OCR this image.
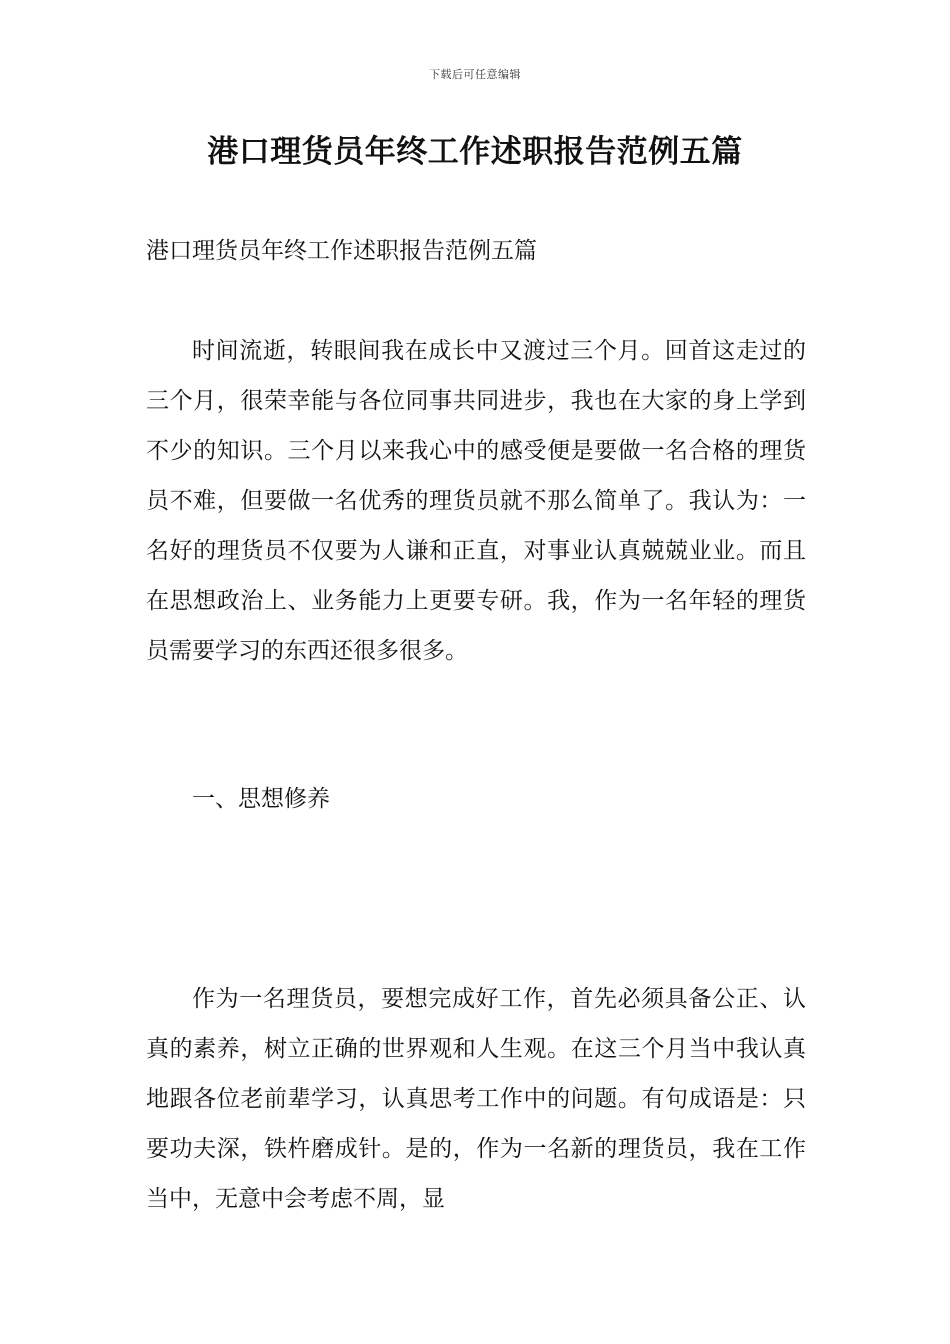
下载后可任意编辑
港口理货员年终工作述职报告范例五篇

港口理货员年终工作述职报告范例五篇

时间流逝，转眼间我在成长中又渡过三个月。回首这走过的三个月，很荣幸能与各位同事共同进步，我也在大家的身上学到不少的知识。三个月以来我心中的感受便是要做一名合格的理货员不难，但要做一名优秀的理货员就不那么简单了。我认为：一名好的理货员不仅要为人谦和正直，对事业认真兢兢业业。而且在思想政治上、业务能力上更要专研。我，作为一名年轻的理货员需要学习的东西还很多很多。

一、思想修养

作为一名理货员，要想完成好工作，首先必须具备公正、认真的素养，树立正确的世界观和人生观。在这三个月当中我认真地跟各位老前辈学习，认真思考工作中的问题。有句成语是：只要功夫深，铁杵磨成针。是的，作为一名新的理货员，我在工作当中，无意中会考虑不周，显
